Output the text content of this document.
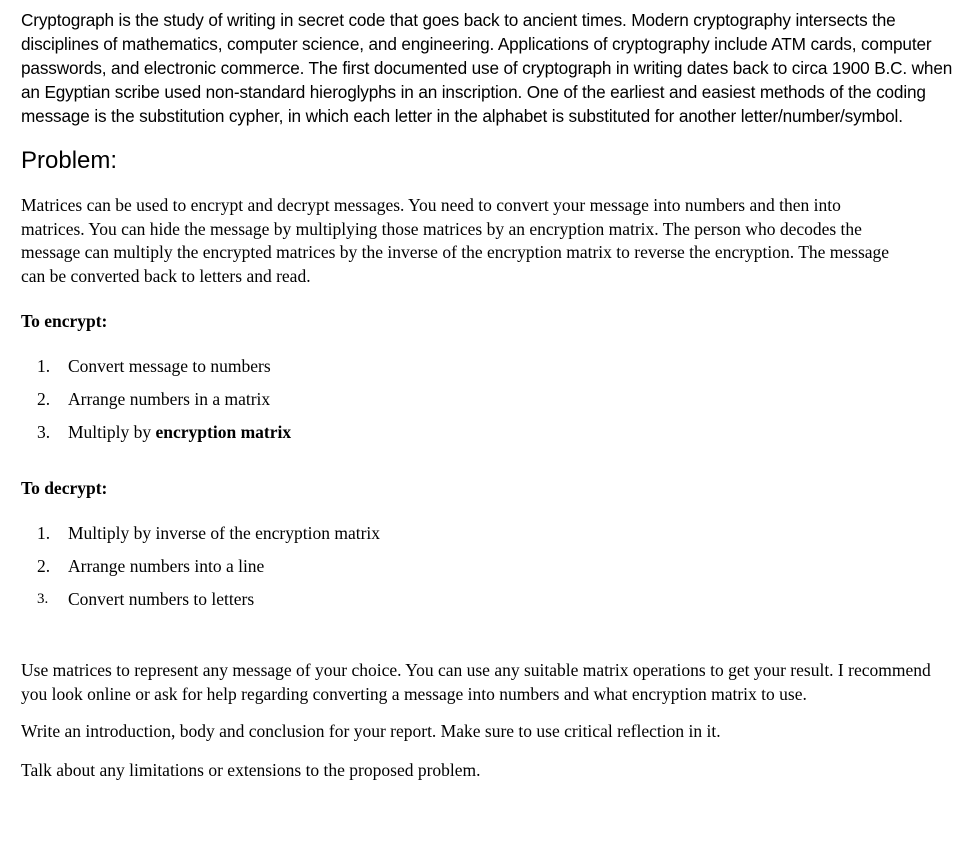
Cryptograph is the study of writing in secret code that goes back to ancient times. Modern cryptography intersects the disciplines of mathematics, computer science, and engineering. Applications of cryptography include ATM cards, computer passwords, and electronic commerce. The first documented use of cryptograph in writing dates back to circa 1900 B.C. when an Egyptian scribe used non-standard hieroglyphs in an inscription. One of the earliest and easiest methods of the coding message is the substitution cypher, in which each letter in the alphabet is substituted for another letter/number/symbol.

Problem:

Matrices can be used to encrypt and decrypt messages. You need to convert your message into numbers and then into matrices. You can hide the message by multiplying those matrices by an encryption matrix. The person who decodes the message can multiply the encrypted matrices by the inverse of the encryption matrix to reverse the encryption. The message can be converted back to letters and read.

To encrypt:

1.	Convert message to numbers
2.	Arrange numbers in a matrix
3.	Multiply by encryption matrix

To decrypt:

1.	Multiply by inverse of the encryption matrix
2.	Arrange numbers into a line
3.	Convert numbers to letters

Use matrices to represent any message of your choice. You can use any suitable matrix operations to get your result. I recommend you look online or ask for help regarding converting a message into numbers and what encryption matrix to use.

Write an introduction, body and conclusion for your report. Make sure to use critical reflection in it.

Talk about any limitations or extensions to the proposed problem.
